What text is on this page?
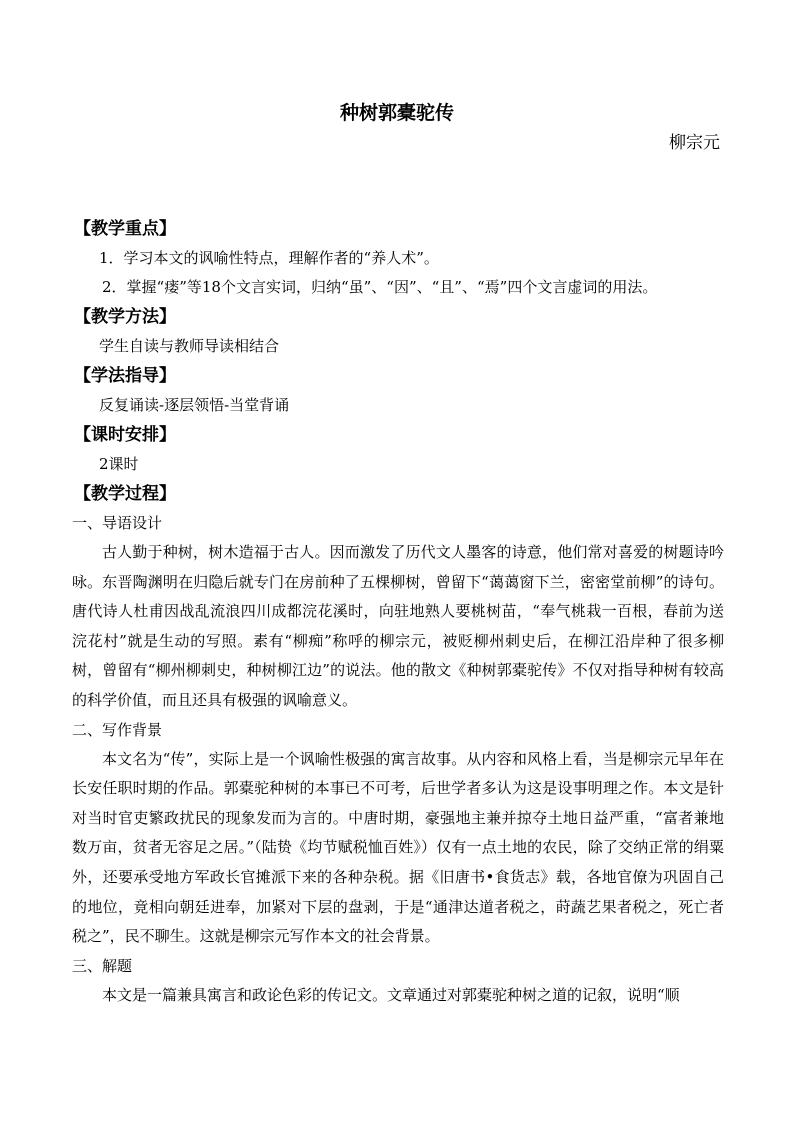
种树郭橐驼传
柳宗元
【教学重点】
1．学习本文的讽喻性特点，理解作者的“养人术”。
2．掌握“瘘”等18个文言实词，归纳“虽”、“因”、“且”、“焉”四个文言虚词的用法。
【教学方法】
学生自读与教师导读相结合
【学法指导】
反复诵读-逐层领悟-当堂背诵
【课时安排】
2课时
【教学过程】
一、导语设计

古人勤于种树，树木造福于古人。因而激发了历代文人墨客的诗意，他们常对喜爱的树题诗吟咏。东晋陶渊明在归隐后就专门在房前种了五棵柳树，曾留下“蔼蔼窗下兰，密密堂前柳”的诗句。唐代诗人杜甫因战乱流浪四川成都浣花溪时，向驻地熟人要桃树苗，“奉气桃栽一百根，春前为送浣花村”就是生动的写照。素有“柳痴”称呼的柳宗元，被贬柳州刺史后，在柳江沿岸种了很多柳树，曾留有“柳州柳刺史，种树柳江边”的说法。他的散文《种树郭橐驼传》不仅对指导种树有较高的科学价值，而且还具有极强的讽喻意义。

二、写作背景

本文名为“传”，实际上是一个讽喻性极强的寓言故事。从内容和风格上看，当是柳宗元早年在长安任职时期的作品。郭橐驼种树的本事已不可考，后世学者多认为这是设事明理之作。本文是针对当时官吏繁政扰民的现象发而为言的。中唐时期，豪强地主兼并掠夺土地日益严重，“富者兼地数万亩，贫者无容足之居。”（陆贽《均节赋税恤百姓》）仅有一点土地的农民，除了交纳正常的绢粟外，还要承受地方军政长官摊派下来的各种杂税。据《旧唐书•食货志》载，各地官僚为巩固自己的地位，竟相向朝廷进奉，加紧对下层的盘剥，于是“通津达道者税之，莳蔬艺果者税之，死亡者税之”，民不聊生。这就是柳宗元写作本文的社会背景。

三、解题

本文是一篇兼具寓言和政论色彩的传记文。文章通过对郭橐驼种树之道的记叙，说明“顺
